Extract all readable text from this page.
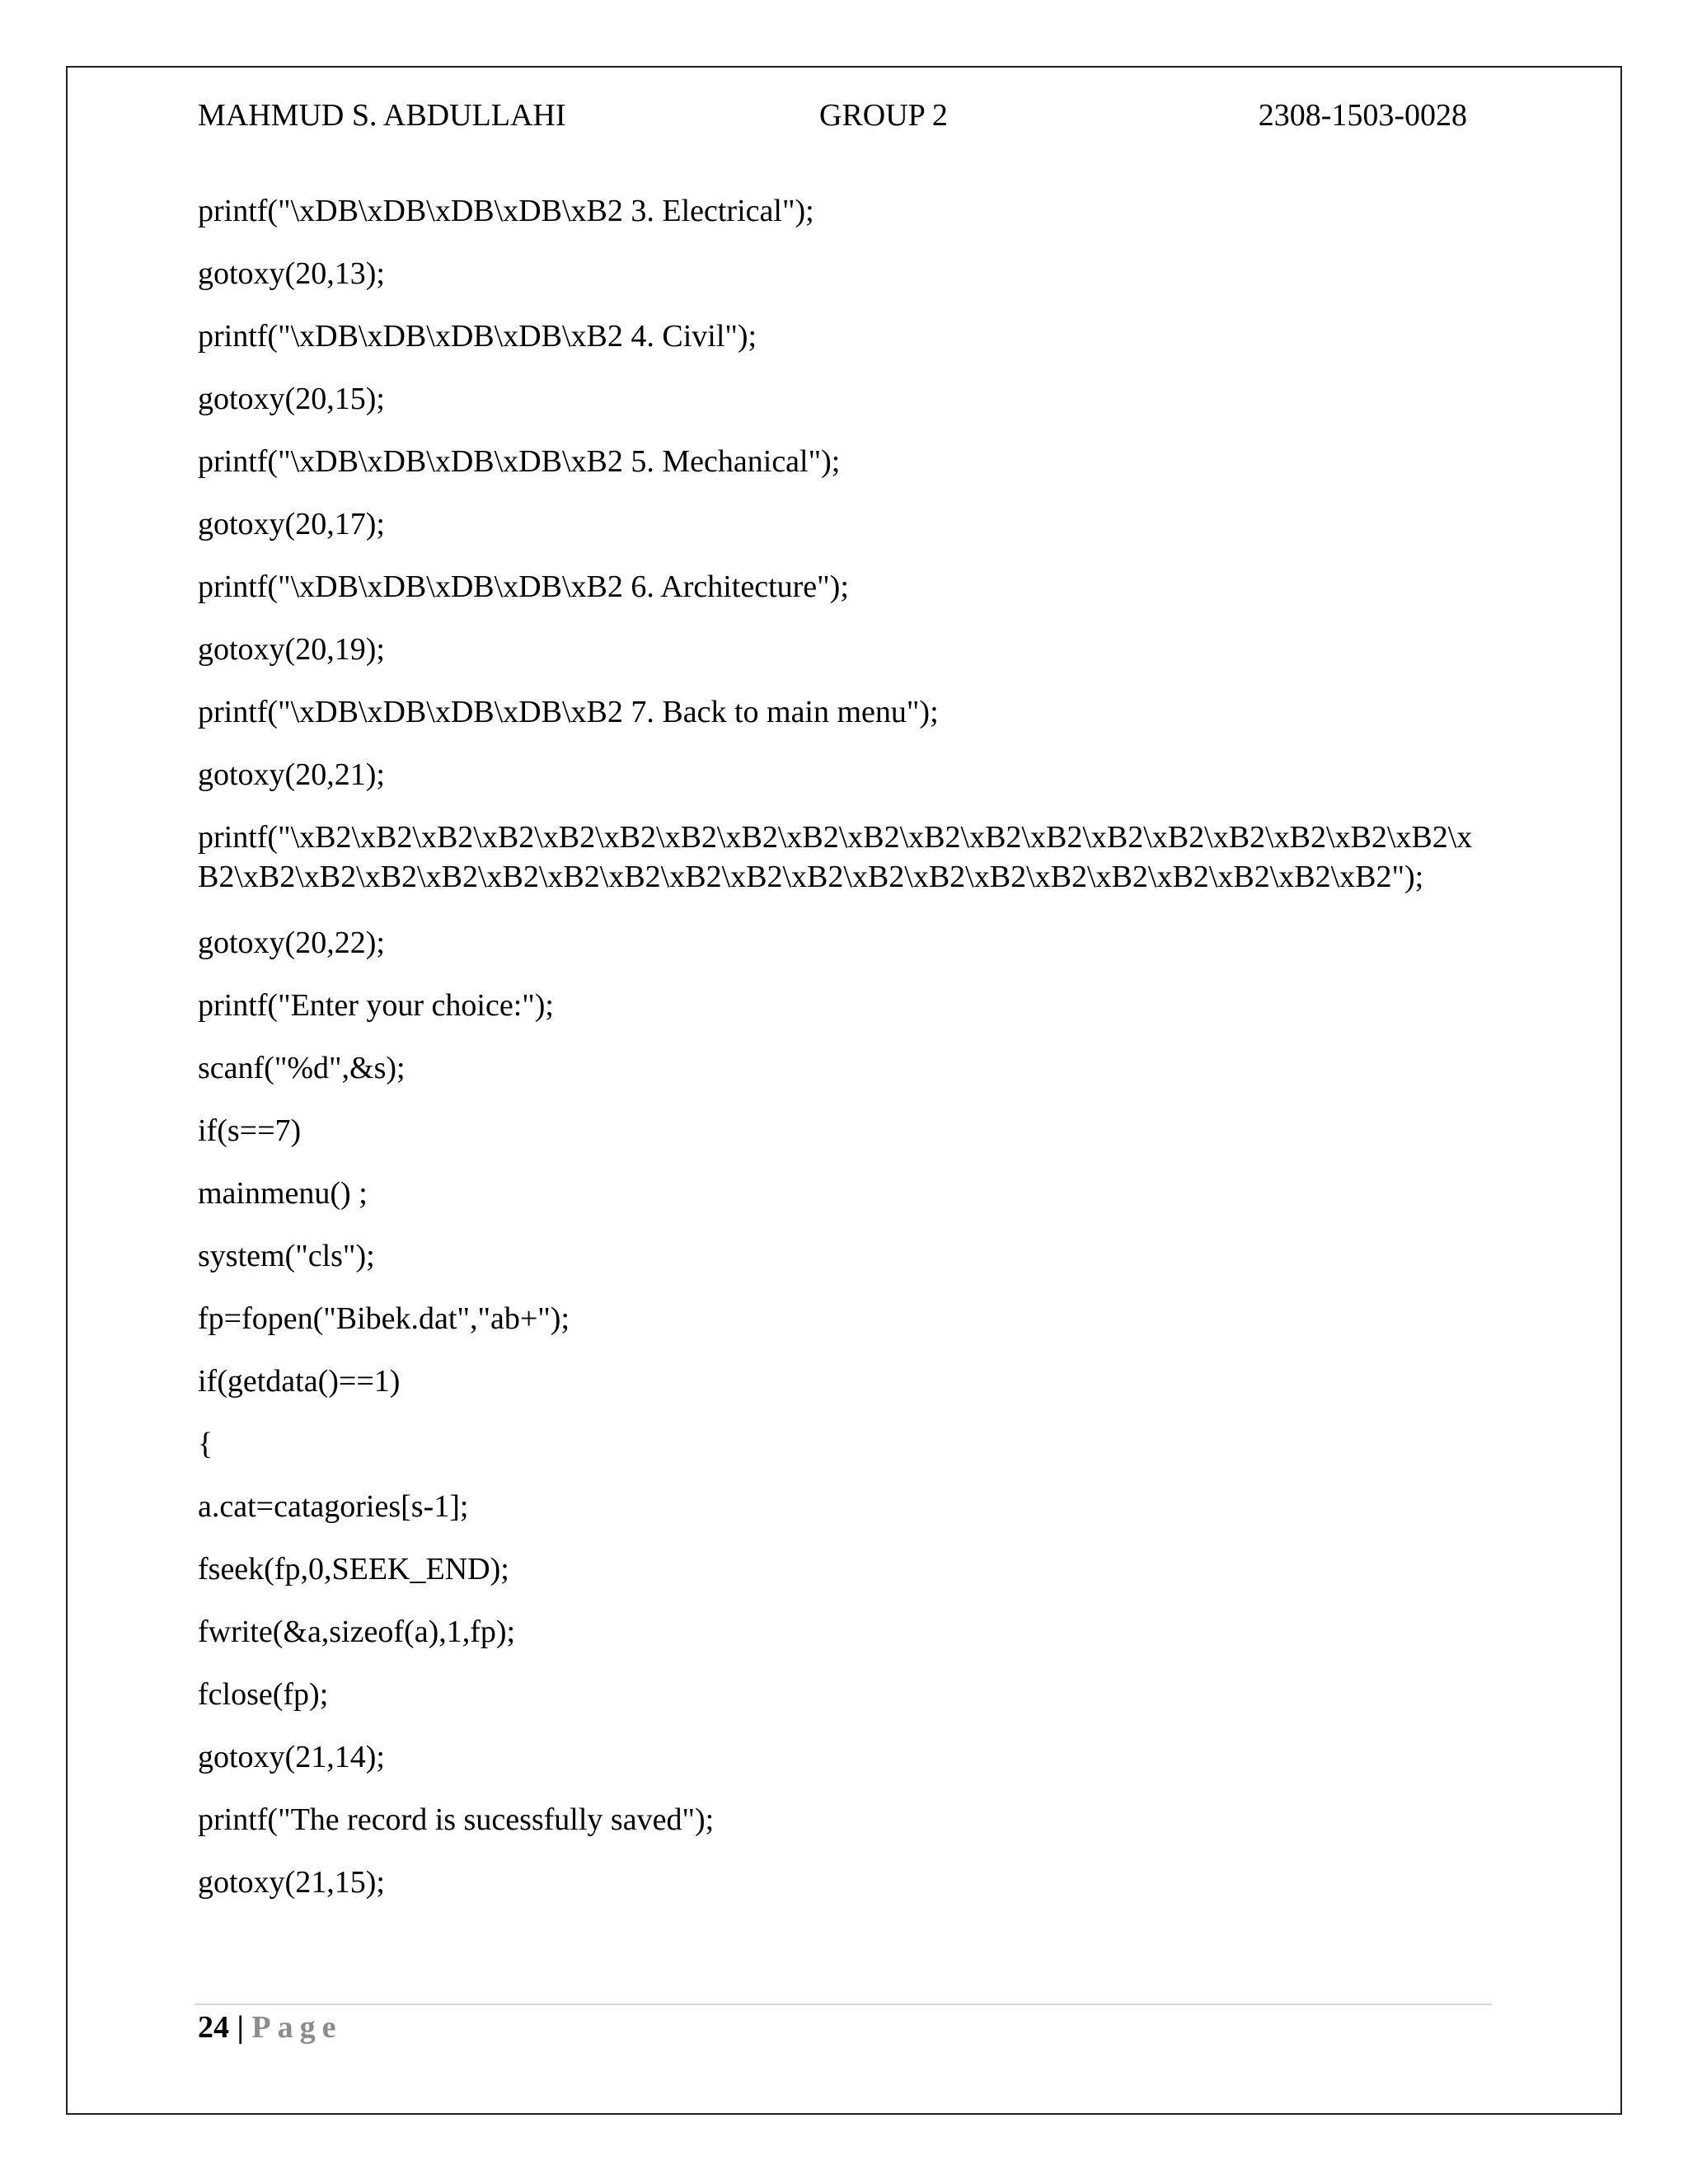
MAHMUD S. ABDULLAHI	GROUP 2	2308-1503-0028
printf("\xDB\xDB\xDB\xDB\xB2 3. Electrical");
gotoxy(20,13);
printf("\xDB\xDB\xDB\xDB\xB2 4. Civil");
gotoxy(20,15);
printf("\xDB\xDB\xDB\xDB\xB2 5. Mechanical");
gotoxy(20,17);
printf("\xDB\xDB\xDB\xDB\xB2 6. Architecture");
gotoxy(20,19);
printf("\xDB\xDB\xDB\xDB\xB2 7. Back to main menu");
gotoxy(20,21);
printf("\xB2\xB2\xB2\xB2\xB2\xB2\xB2\xB2\xB2\xB2\xB2\xB2\xB2\xB2\xB2\xB2\xB2\xB2\xB2\xB2\xB2\xB2\xB2\xB2\xB2\xB2\xB2\xB2\xB2\xB2\xB2\xB2\xB2\xB2\xB2\xB2\xB2\xB2\xB2");
gotoxy(20,22);
printf("Enter your choice:");
scanf("%d",&s);
if(s==7)
mainmenu() ;
system("cls");
fp=fopen("Bibek.dat","ab+");
if(getdata()==1)
{
a.cat=catagories[s-1];
fseek(fp,0,SEEK_END);
fwrite(&a,sizeof(a),1,fp);
fclose(fp);
gotoxy(21,14);
printf("The record is sucessfully saved");
gotoxy(21,15);
24 | Page
